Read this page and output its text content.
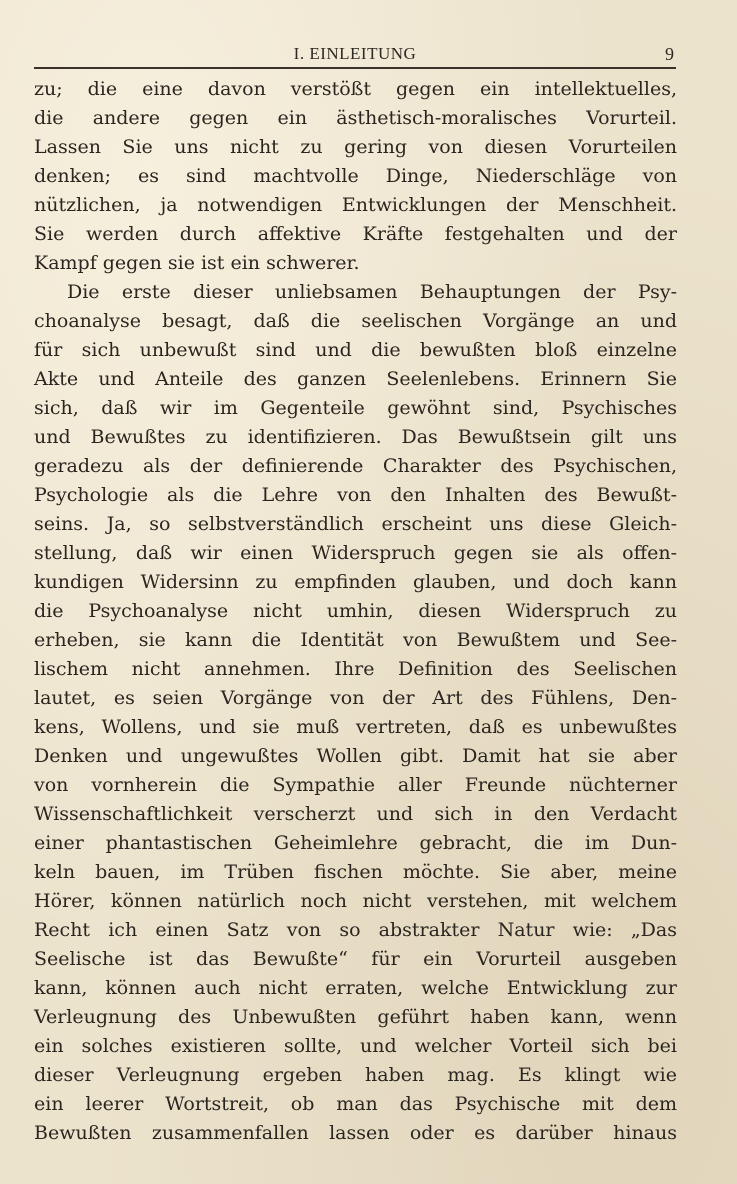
I. EINLEITUNG	9
zu; die eine davon verstößt gegen ein intellektuelles,
die andere gegen ein ästhetisch-moralisches Vorurteil.
Lassen Sie uns nicht zu gering von diesen Vorurteilen
denken; es sind machtvolle Dinge, Niederschläge von
nützlichen, ja notwendigen Entwicklungen der Menschheit.
Sie werden durch affektive Kräfte festgehalten und der
Kampf gegen sie ist ein schwerer.
Die erste dieser unliebsamen Behauptungen der Psy-
choanalyse besagt, daß die seelischen Vorgänge an und
für sich unbewußt sind und die bewußten bloß einzelne
Akte und Anteile des ganzen Seelenlebens. Erinnern Sie
sich, daß wir im Gegenteile gewöhnt sind, Psychisches
und Bewußtes zu identifizieren. Das Bewußtsein gilt uns
geradezu als der definierende Charakter des Psychischen,
Psychologie als die Lehre von den Inhalten des Bewußt-
seins. Ja, so selbstverständlich erscheint uns diese Gleich-
stellung, daß wir einen Widerspruch gegen sie als offen-
kundigen Widersinn zu empfinden glauben, und doch kann
die Psychoanalyse nicht umhin, diesen Widerspruch zu
erheben, sie kann die Identität von Bewußtem und See-
lischem nicht annehmen. Ihre Definition des Seelischen
lautet, es seien Vorgänge von der Art des Fühlens, Den-
kens, Wollens, und sie muß vertreten, daß es unbewußtes
Denken und ungewußtes Wollen gibt. Damit hat sie aber
von vornherein die Sympathie aller Freunde nüchterner
Wissenschaftlichkeit verscherzt und sich in den Verdacht
einer phantastischen Geheimlehre gebracht, die im Dun-
keln bauen, im Trüben fischen möchte. Sie aber, meine
Hörer, können natürlich noch nicht verstehen, mit welchem
Recht ich einen Satz von so abstrakter Natur wie: „Das
Seelische ist das Bewußte“ für ein Vorurteil ausgeben
kann, können auch nicht erraten, welche Entwicklung zur
Verleugnung des Unbewußten geführt haben kann, wenn
ein solches existieren sollte, und welcher Vorteil sich bei
dieser Verleugnung ergeben haben mag. Es klingt wie
ein leerer Wortstreit, ob man das Psychische mit dem
Bewußten zusammenfallen lassen oder es darüber hinaus
